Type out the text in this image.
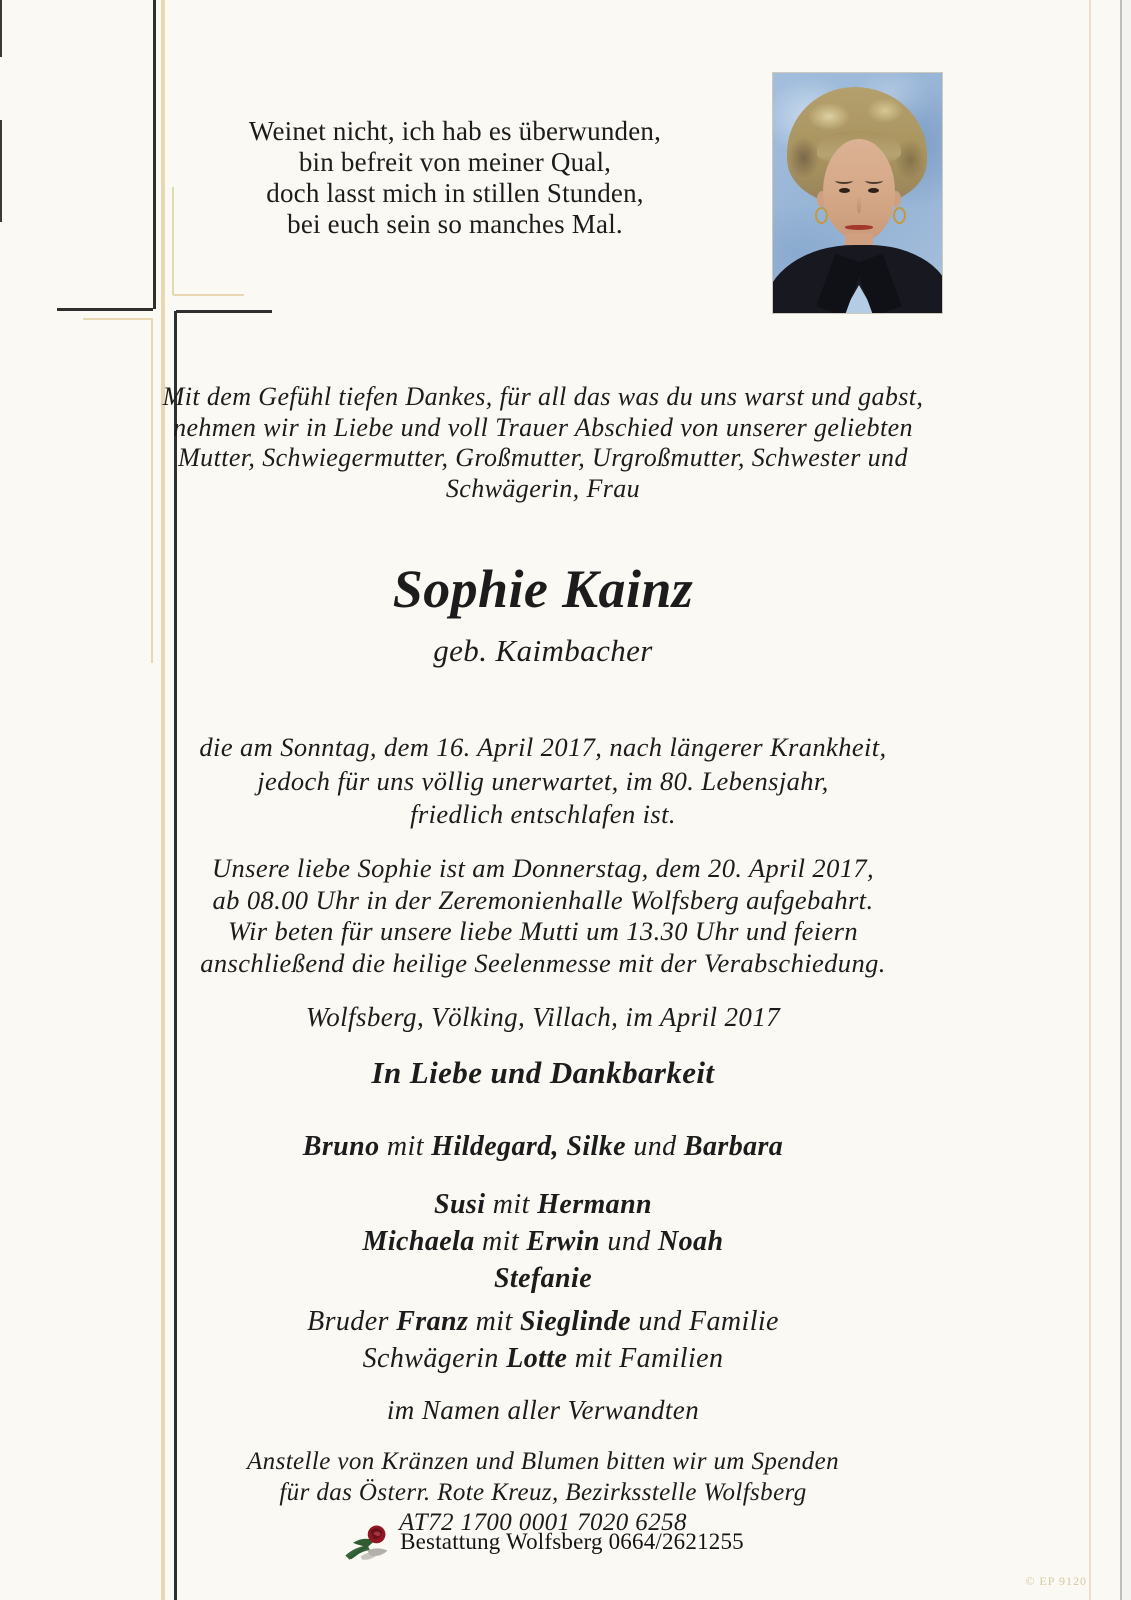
Weinet nicht, ich hab es überwunden,
bin befreit von meiner Qual,
doch lasst mich in stillen Stunden,
bei euch sein so manches Mal.
Mit dem Gefühl tiefen Dankes, für all das was du uns warst und gabst,
nehmen wir in Liebe und voll Trauer Abschied von unserer geliebten
Mutter, Schwiegermutter, Großmutter, Urgroßmutter, Schwester und
Schwägerin, Frau
Sophie Kainz
geb. Kaimbacher
die am Sonntag, dem 16. April 2017, nach längerer Krankheit,
jedoch für uns völlig unerwartet, im 80. Lebensjahr,
friedlich entschlafen ist.
Unsere liebe Sophie ist am Donnerstag, dem 20. April 2017,
ab 08.00 Uhr in der Zeremonienhalle Wolfsberg aufgebahrt.
Wir beten für unsere liebe Mutti um 13.30 Uhr und feiern
anschließend die heilige Seelenmesse mit der Verabschiedung.
Wolfsberg, Völking, Villach, im April 2017
In Liebe und Dankbarkeit
Bruno mit Hildegard, Silke und Barbara
Susi mit Hermann
Michaela mit Erwin und Noah
Stefanie
Bruder Franz mit Sieglinde und Familie
Schwägerin Lotte mit Familien
im Namen aller Verwandten
Anstelle von Kränzen und Blumen bitten wir um Spenden
für das Österr. Rote Kreuz, Bezirksstelle Wolfsberg
AT72 1700 0001 7020 6258
Bestattung Wolfsberg 0664/2621255
© EP 9120
